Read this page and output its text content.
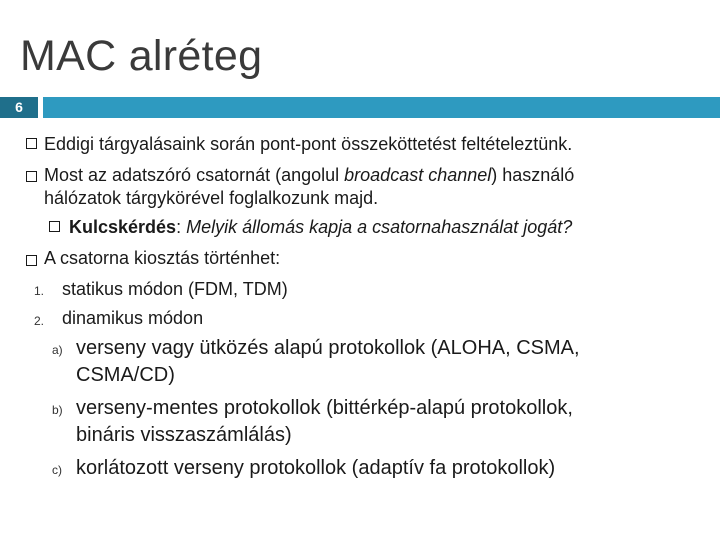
MAC alréteg
6
Eddigi tárgyalásaink során pont-pont összeköttetést feltételeztünk.
Most az adatszóró csatornát (angolul broadcast channel) használó
hálózatok tárgykörével foglalkozunk majd.
Kulcskérdés: Melyik állomás kapja a csatornahasználat jogát?
A csatorna kiosztás történhet:
1. statikus módon (FDM, TDM)
2. dinamikus módon
a) verseny vagy ütközés alapú protokollok (ALOHA, CSMA,
CSMA/CD)
b) verseny-mentes protokollok (bittérkép-alapú protokollok,
bináris visszaszámlálás)
c) korlátozott verseny protokollok (adaptív fa protokollok)
